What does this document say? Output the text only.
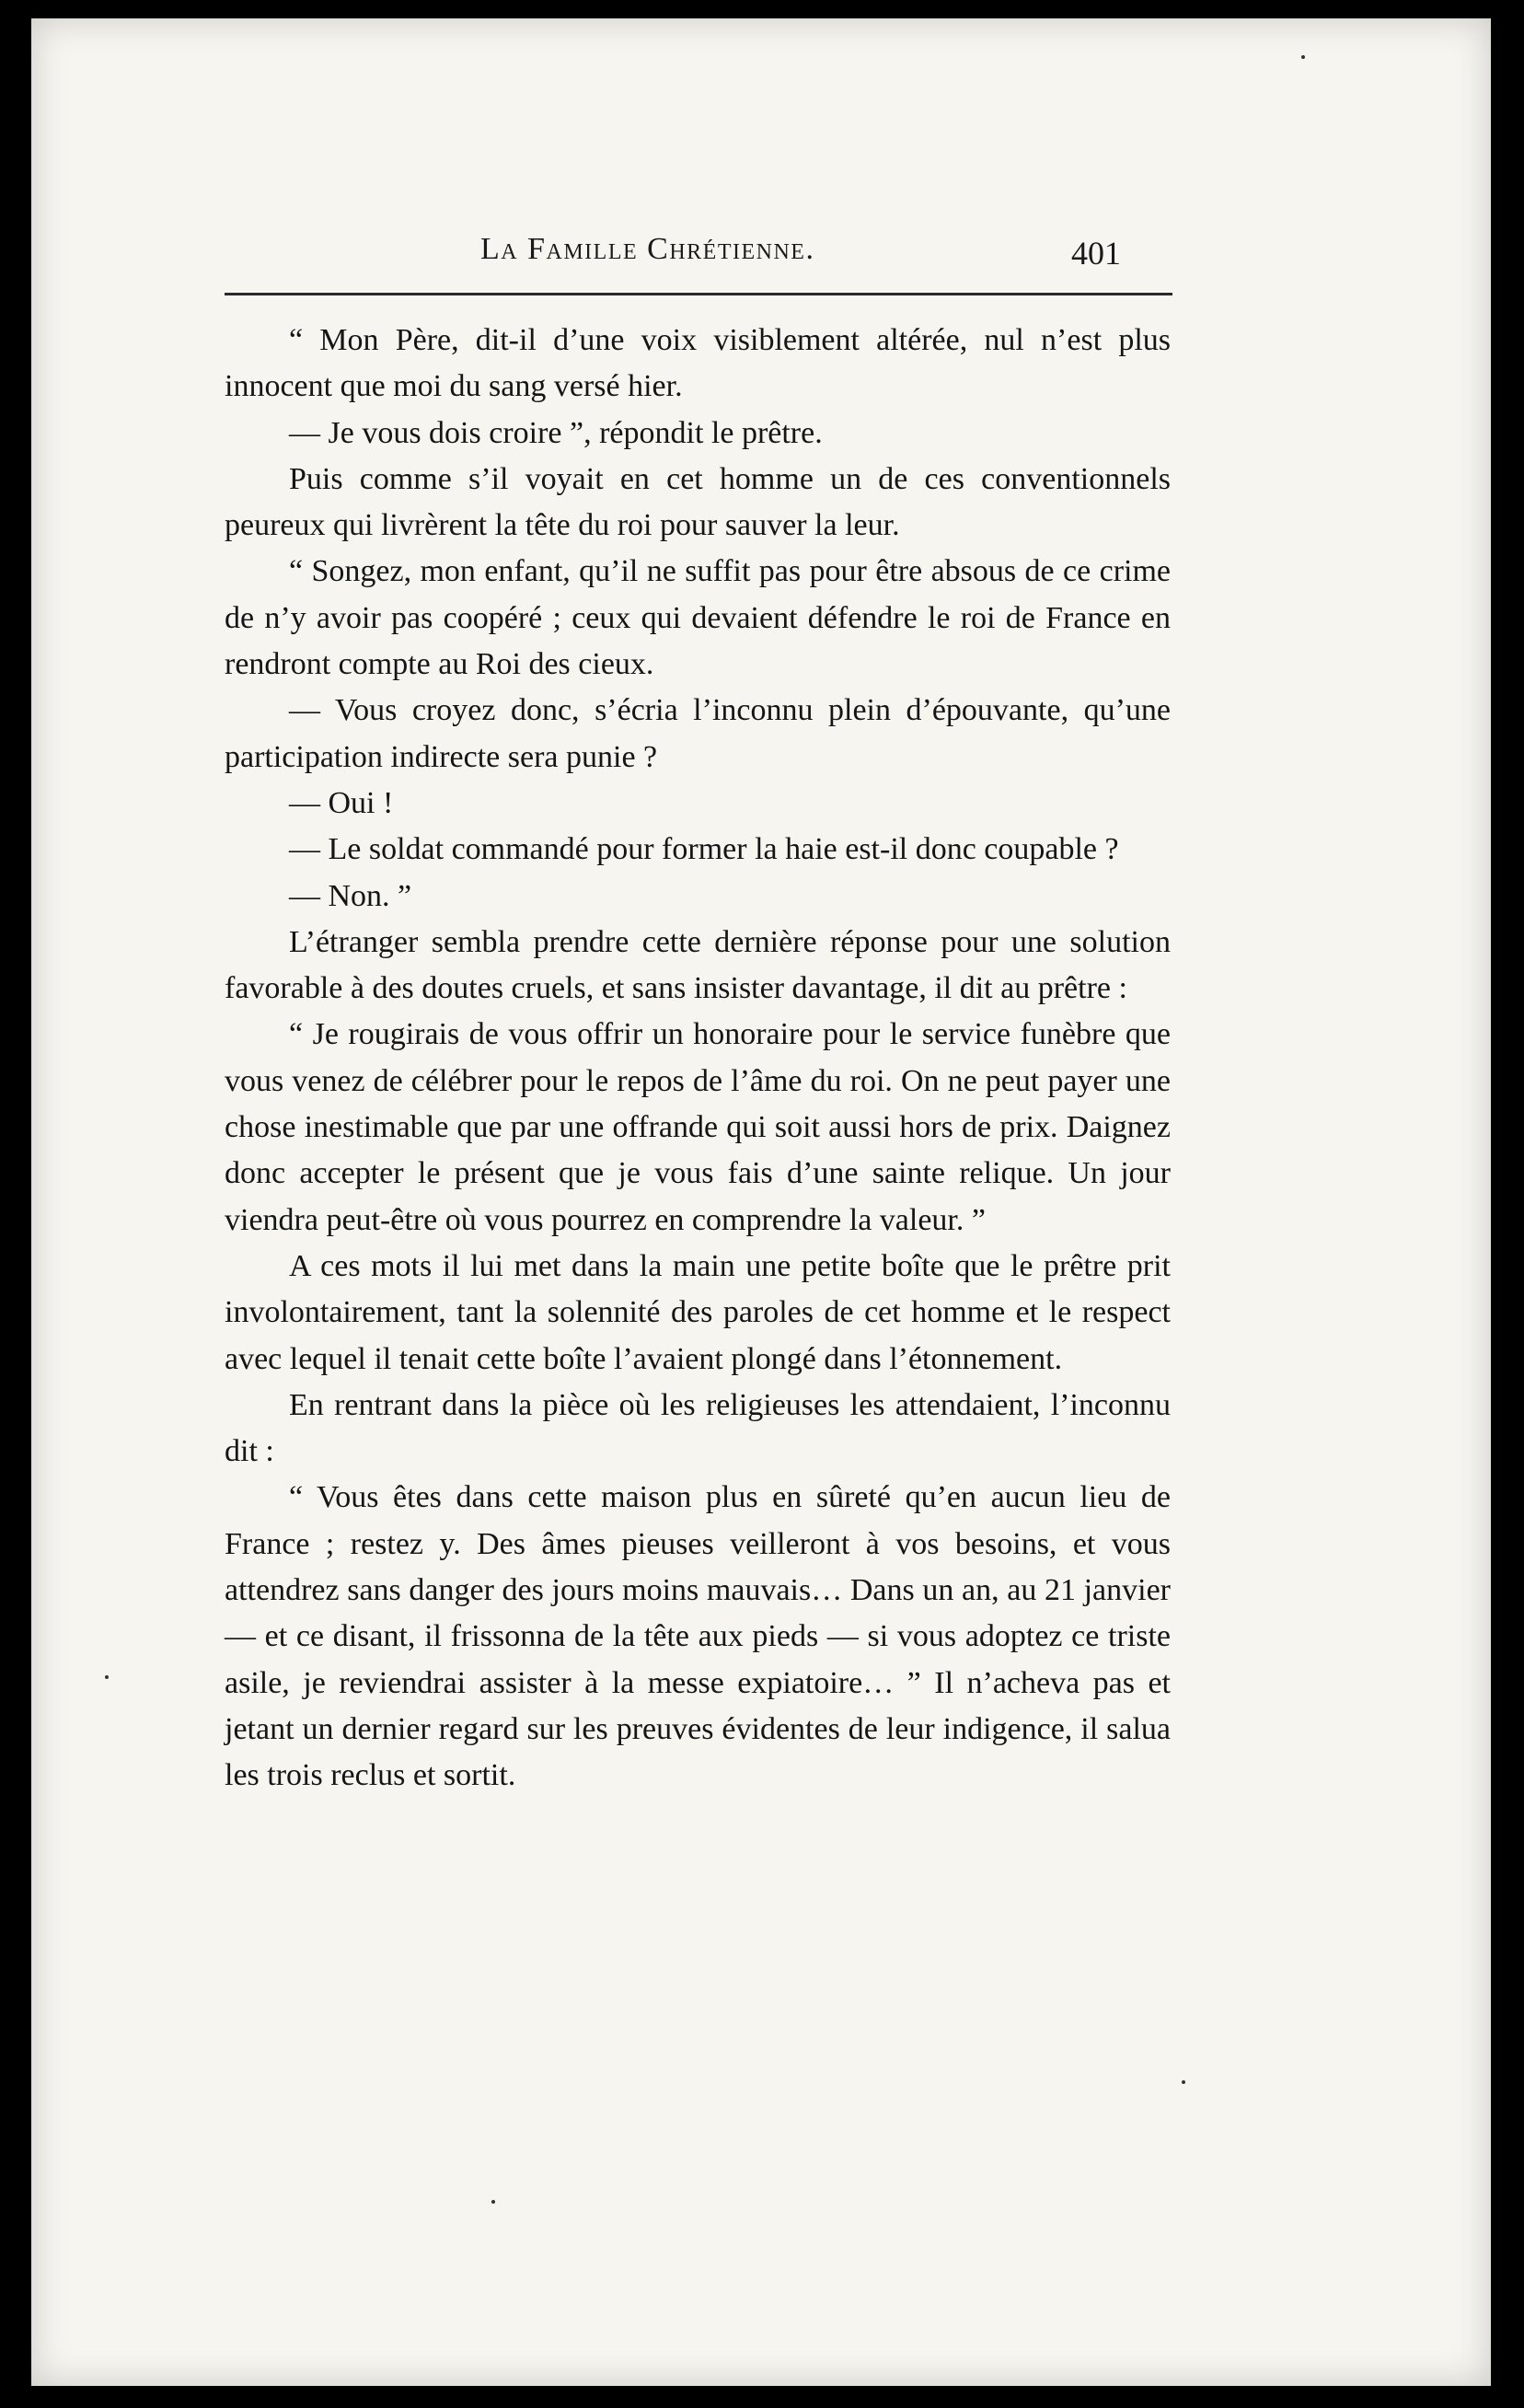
La Famille Chrétienne.	401

“ Mon Père, dit-il d’une voix visiblement altérée, nul n’est plus innocent que moi du sang versé hier.

— Je vous dois croire ”, répondit le prêtre.

Puis comme s’il voyait en cet homme un de ces conventionnels peureux qui livrèrent la tête du roi pour sauver la leur.

“ Songez, mon enfant, qu’il ne suffit pas pour être absous de ce crime de n’y avoir pas coopéré ; ceux qui devaient défendre le roi de France en rendront compte au Roi des cieux.

— Vous croyez donc, s’écria l’inconnu plein d’épouvante, qu’une participation indirecte sera punie ?

— Oui !

— Le soldat commandé pour former la haie est-il donc coupable ?

— Non. ”

L’étranger sembla prendre cette dernière réponse pour une solution favorable à des doutes cruels, et sans insister davantage, il dit au prêtre :

“ Je rougirais de vous offrir un honoraire pour le service funèbre que vous venez de célébrer pour le repos de l’âme du roi. On ne peut payer une chose inestimable que par une offrande qui soit aussi hors de prix. Daignez donc accepter le présent que je vous fais d’une sainte relique. Un jour viendra peut-être où vous pourrez en comprendre la valeur. ”

A ces mots il lui met dans la main une petite boîte que le prêtre prit involontairement, tant la solennité des paroles de cet homme et le respect avec lequel il tenait cette boîte l’avaient plongé dans l’étonnement.

En rentrant dans la pièce où les religieuses les attendaient, l’inconnu dit :

“ Vous êtes dans cette maison plus en sûreté qu’en aucun lieu de France ; restez y. Des âmes pieuses veilleront à vos besoins, et vous attendrez sans danger des jours moins mauvais… Dans un an, au 21 janvier — et ce disant, il frissonna de la tête aux pieds — si vous adoptez ce triste asile, je reviendrai assister à la messe expiatoire… ” Il n’acheva pas et jetant un dernier regard sur les preuves évidentes de leur indigence, il salua les trois reclus et sortit.
